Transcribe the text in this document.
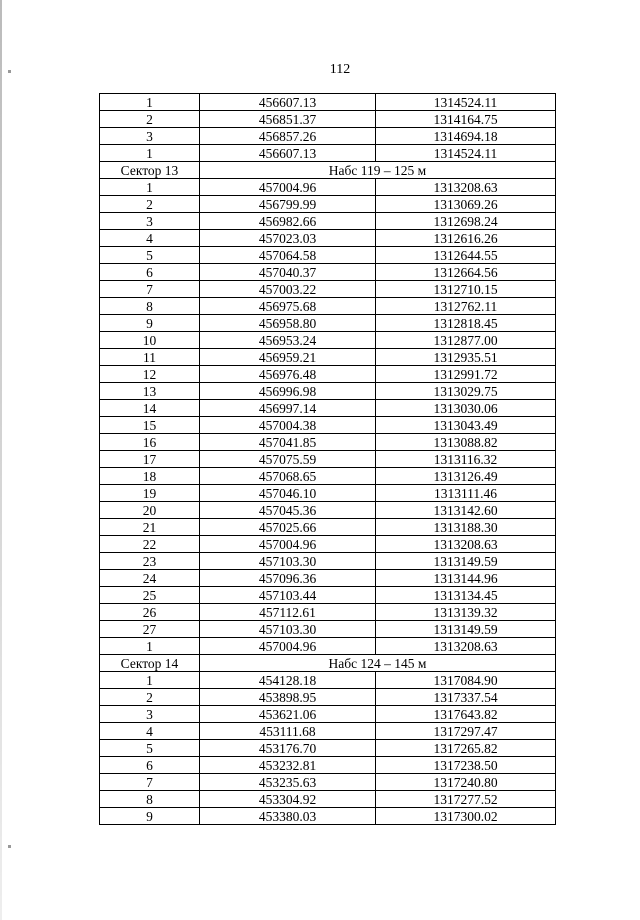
112
1	456607.13	1314524.11
2	456851.37	1314164.75
3	456857.26	1314694.18
1	456607.13	1314524.11
Сектор 13	Набс 119 – 125 м	
1	457004.96	1313208.63
2	456799.99	1313069.26
3	456982.66	1312698.24
4	457023.03	1312616.26
5	457064.58	1312644.55
6	457040.37	1312664.56
7	457003.22	1312710.15
8	456975.68	1312762.11
9	456958.80	1312818.45
10	456953.24	1312877.00
11	456959.21	1312935.51
12	456976.48	1312991.72
13	456996.98	1313029.75
14	456997.14	1313030.06
15	457004.38	1313043.49
16	457041.85	1313088.82
17	457075.59	1313116.32
18	457068.65	1313126.49
19	457046.10	1313111.46
20	457045.36	1313142.60
21	457025.66	1313188.30
22	457004.96	1313208.63
23	457103.30	1313149.59
24	457096.36	1313144.96
25	457103.44	1313134.45
26	457112.61	1313139.32
27	457103.30	1313149.59
1	457004.96	1313208.63
Сектор 14	Набс 124 – 145 м	
1	454128.18	1317084.90
2	453898.95	1317337.54
3	453621.06	1317643.82
4	453111.68	1317297.47
5	453176.70	1317265.82
6	453232.81	1317238.50
7	453235.63	1317240.80
8	453304.92	1317277.52
9	453380.03	1317300.02
